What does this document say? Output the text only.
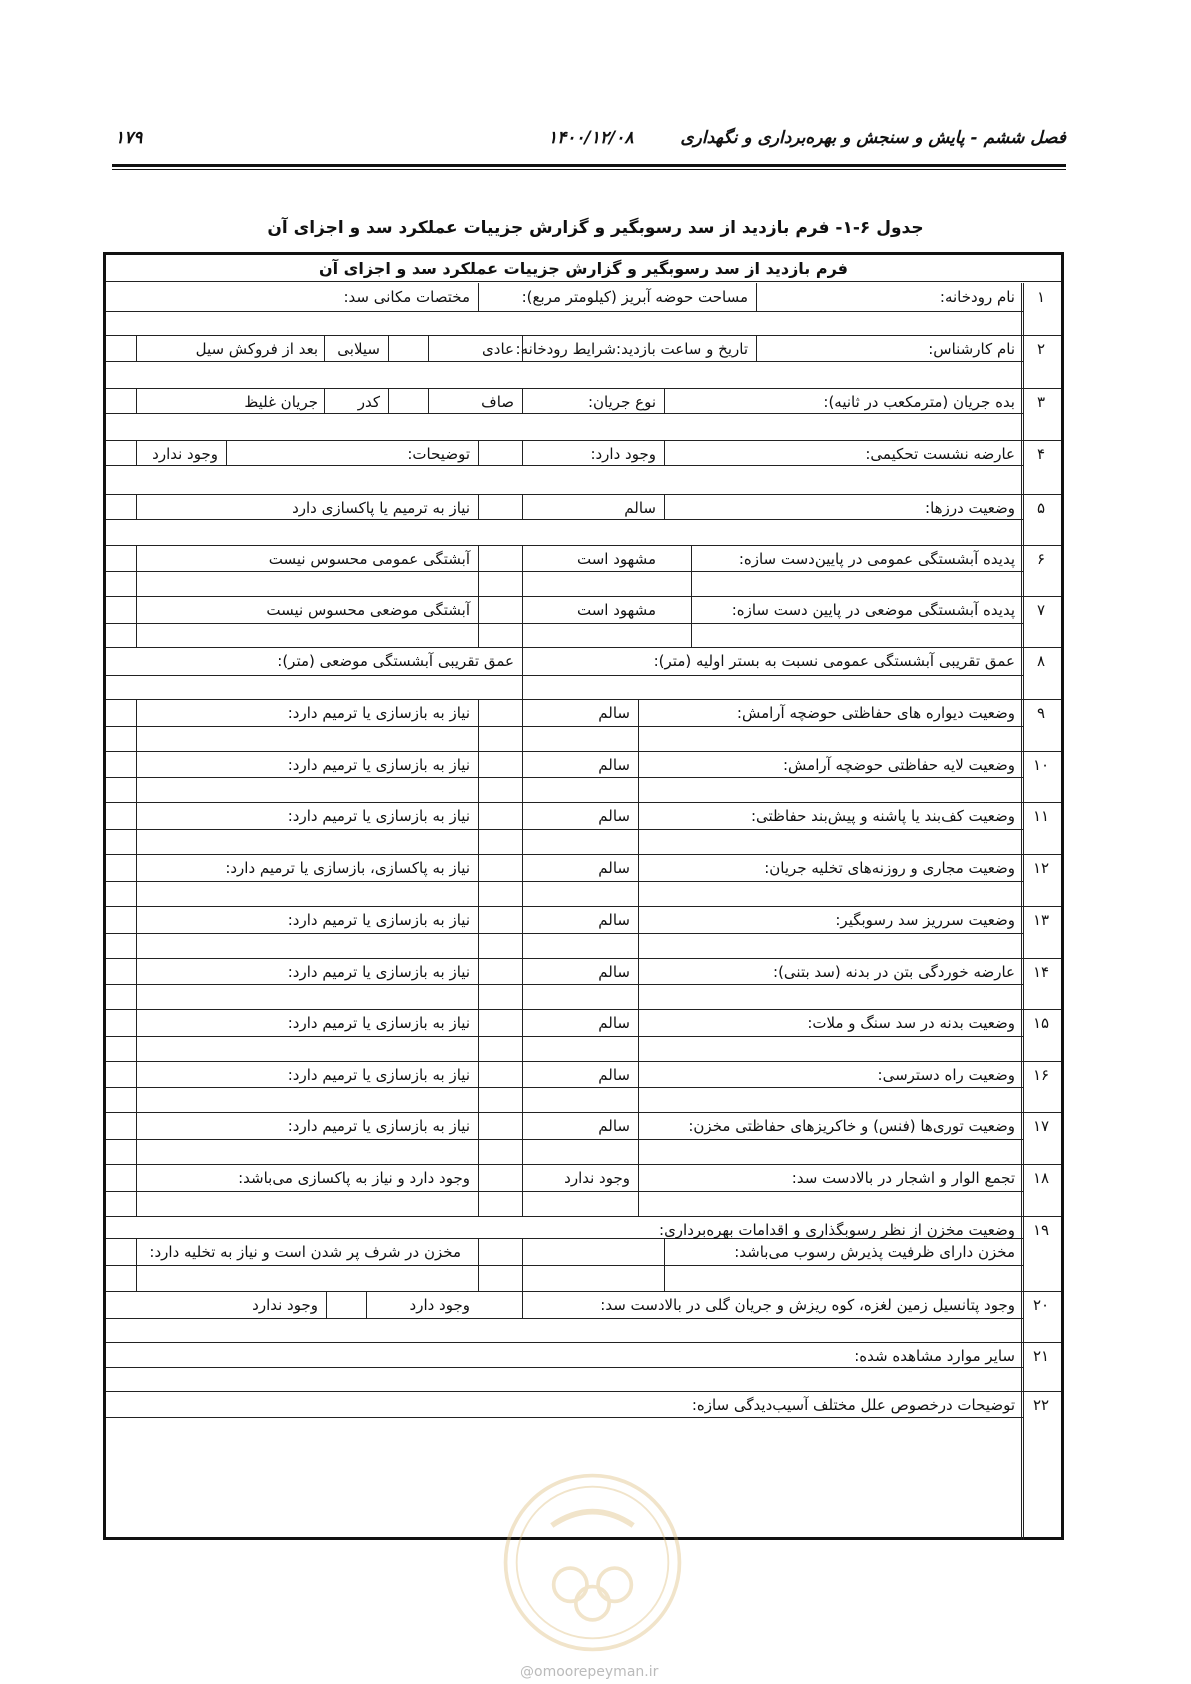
فصل ششم - پایش و سنجش و بهره‌برداری و نگهداری
۱۴۰۰/۱۲/۰۸
۱۷۹
جدول ۶-۱- فرم بازدید از سد رسوبگیر و گزارش جزییات عملکرد سد و اجزای آن
فرم بازدید از سد رسوبگیر و گزارش جزییات عملکرد سد و اجزای آن
۱
نام رودخانه:
۲
نام کارشناس:
۳
بده جریان (مترمکعب در ثانیه):
۴
عارضه نشست تحکیمی:
۵
وضعیت درزها:
۶
پدیده آبشستگی عمومی در پایین‌دست سازه:
۷
پدیده آبشستگی موضعی در پایین دست سازه:
۸
عمق تقریبی آبشستگی عمومی نسبت به بستر اولیه (متر):
۹
وضعیت دیواره های حفاظتی حوضچه آرامش:
۱۰
وضعیت لایه حفاظتی حوضچه آرامش:
۱۱
وضعیت کف‌بند یا پاشنه و پیش‌بند حفاظتی:
۱۲
وضعیت مجاری و روزنه‌های تخلیه جریان:
۱۳
وضعیت سرریز سد رسوبگیر:
۱۴
عارضه خوردگی بتن در بدنه (سد بتنی):
۱۵
وضعیت بدنه در سد سنگ و ملات:
۱۶
وضعیت راه دسترسی:
۱۷
وضعیت توری‌ها (فنس) و خاکریزهای حفاظتی مخزن:
۱۸
تجمع الوار و اشجار در بالادست سد:
۱۹
وضعیت مخزن از نظر رسوبگذاری و اقدامات بهره‌برداری:
۲۰
وجود پتانسیل زمین لغزه، کوه ریزش و جریان گلی در بالادست سد:
۲۱
سایر موارد مشاهده شده:
۲۲
توضیحات درخصوص علل مختلف آسیب‌دیدگی سازه:
مساحت حوضه آبریز (کیلومتر مربع):
مختصات مکانی سد:
تاریخ و ساعت بازدید:
شرایط رودخانه:
عادی
سیلابی
بعد از فروکش سیل
نوع جریان:
صاف
کدر
جریان غلیظ
وجود دارد:
توضیحات:
وجود ندارد
سالم
نیاز به ترمیم یا پاکسازی دارد
مشهود است
آبشتگی عمومی محسوس نیست
مشهود است
آبشتگی موضعی محسوس نیست
عمق تقریبی آبشستگی موضعی (متر):
سالم
نیاز به بازسازی یا ترمیم دارد:
سالم
نیاز به بازسازی یا ترمیم دارد:
سالم
نیاز به بازسازی یا ترمیم دارد:
سالم
نیاز به پاکسازی، بازسازی یا ترمیم دارد:
سالم
نیاز به بازسازی یا ترمیم دارد:
سالم
نیاز به بازسازی یا ترمیم دارد:
سالم
نیاز به بازسازی یا ترمیم دارد:
سالم
نیاز به بازسازی یا ترمیم دارد:
سالم
نیاز به بازسازی یا ترمیم دارد:
وجود ندارد
وجود دارد و نیاز به پاکسازی می‌باشد:
مخزن دارای ظرفیت پذیرش رسوب می‌باشد:
مخزن در شرف پر شدن است و نیاز به تخلیه دارد:
وجود دارد
وجود ندارد
@omoorepeyman.ir
